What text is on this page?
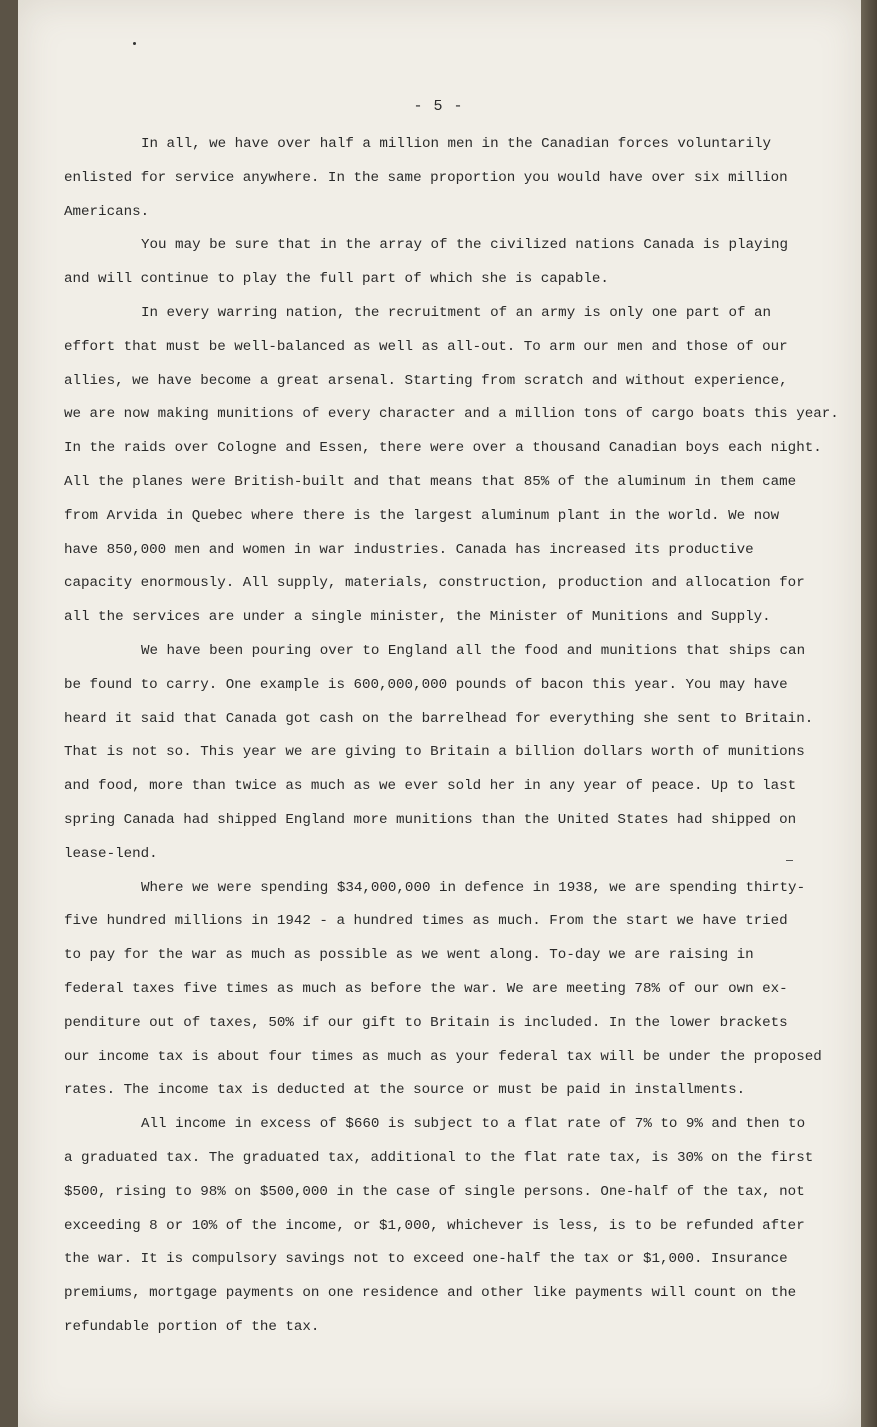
- 5 -
In all, we have over half a million men in the Canadian forces voluntarily
enlisted for service anywhere. In the same proportion you would have over six million
Americans.
You may be sure that in the array of the civilized nations Canada is playing
and will continue to play the full part of which she is capable.
In every warring nation, the recruitment of an army is only one part of an
effort that must be well-balanced as well as all-out. To arm our men and those of our
allies, we have become a great arsenal. Starting from scratch and without experience,
we are now making munitions of every character and a million tons of cargo boats this year.
In the raids over Cologne and Essen, there were over a thousand Canadian boys each night.
All the planes were British-built and that means that 85% of the aluminum in them came
from Arvida in Quebec where there is the largest aluminum plant in the world. We now
have 850,000 men and women in war industries. Canada has increased its productive
capacity enormously. All supply, materials, construction, production and allocation for
all the services are under a single minister, the Minister of Munitions and Supply.
We have been pouring over to England all the food and munitions that ships can
be found to carry. One example is 600,000,000 pounds of bacon this year. You may have
heard it said that Canada got cash on the barrelhead for everything she sent to Britain.
That is not so. This year we are giving to Britain a billion dollars worth of munitions
and food, more than twice as much as we ever sold her in any year of peace. Up to last
spring Canada had shipped England more munitions than the United States had shipped on
lease-lend.
Where we were spending $34,000,000 in defence in 1938, we are spending thirty-
five hundred millions in 1942 - a hundred times as much. From the start we have tried
to pay for the war as much as possible as we went along. To-day we are raising in
federal taxes five times as much as before the war. We are meeting 78% of our own ex-
penditure out of taxes, 50% if our gift to Britain is included. In the lower brackets
our income tax is about four times as much as your federal tax will be under the proposed
rates. The income tax is deducted at the source or must be paid in installments.
All income in excess of $660 is subject to a flat rate of 7% to 9% and then to
a graduated tax. The graduated tax, additional to the flat rate tax, is 30% on the first
$500, rising to 98% on $500,000 in the case of single persons. One-half of the tax, not
exceeding 8 or 10% of the income, or $1,000, whichever is less, is to be refunded after
the war. It is compulsory savings not to exceed one-half the tax or $1,000. Insurance
premiums, mortgage payments on one residence and other like payments will count on the
refundable portion of the tax.
